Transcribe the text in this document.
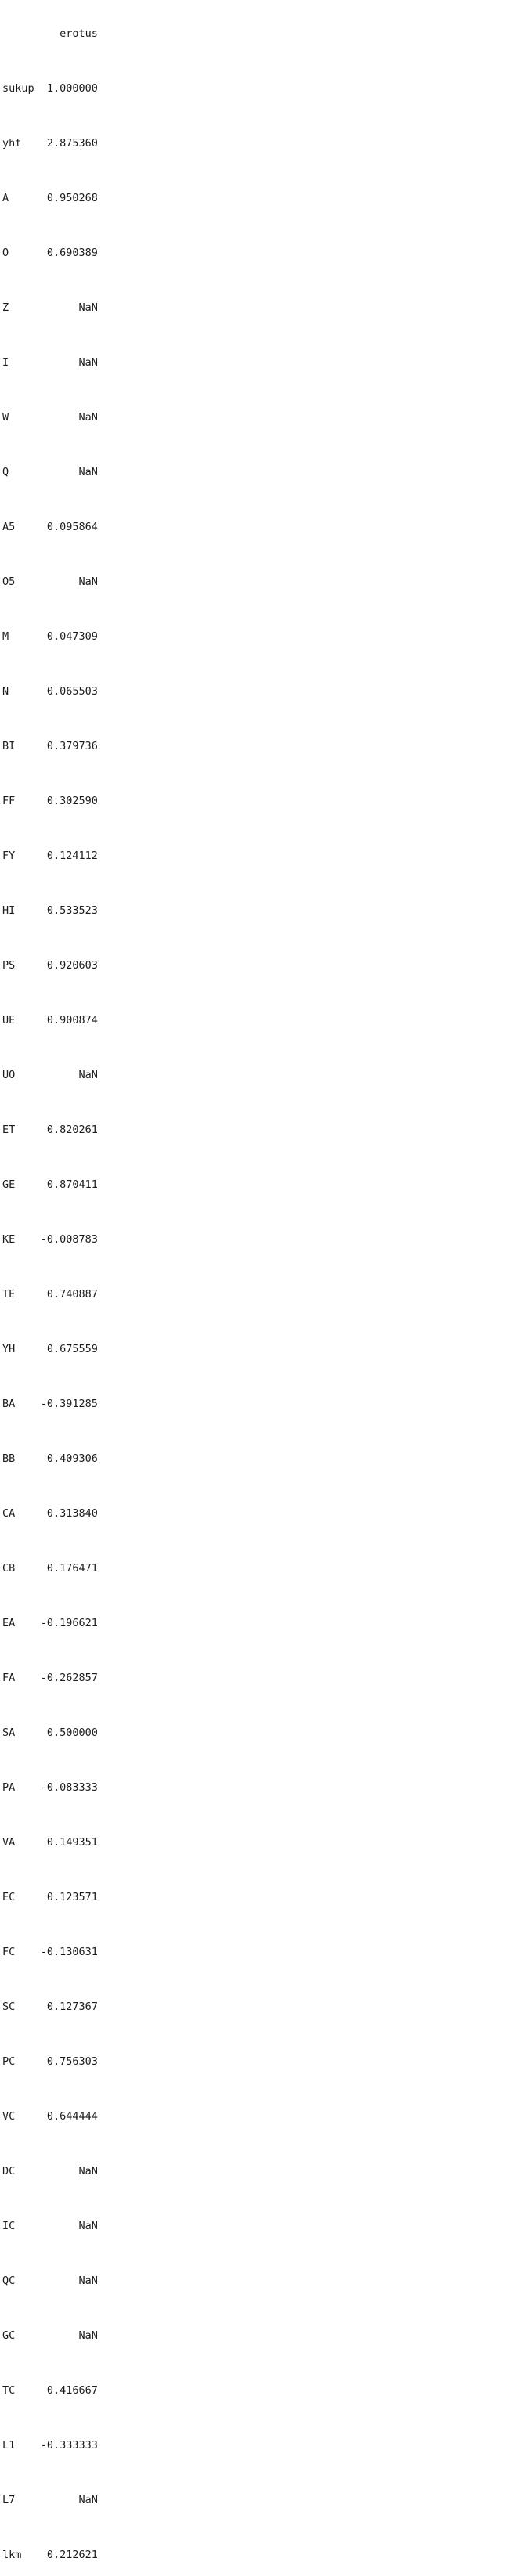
erotus

sukup 1.000000

yht 2.875360

A	0.950268

O	0.690389

Z	NaN

I	NaN

W	NaN

Q	NaN

A5	0.095864

O5	NaN

M	0.047309

N	0.065503

BI	0.379736

FF	0.302590

FY	0.124112

HI	0.533523

PS	0.920603

UE	0.900874

UO	NaN

ET	0.820261

GE	0.870411

KE -0.008783

TE	0.740887

YH	0.675559

BA -0.391285

BB	0.409306

CA	0.313840

CB	0.176471

EA -0.196621

FA -0.262857

SA	0.500000

PA -0.083333

VA	0.149351

EC	0.123571

FC -0.130631

SC	0.127367

PC	0.756303

VC	0.644444

DC	NaN

IC	NaN

QC	NaN

GC	NaN

TC	0.416667

L1 -0.333333

L7	NaN

lkm 0.212621
